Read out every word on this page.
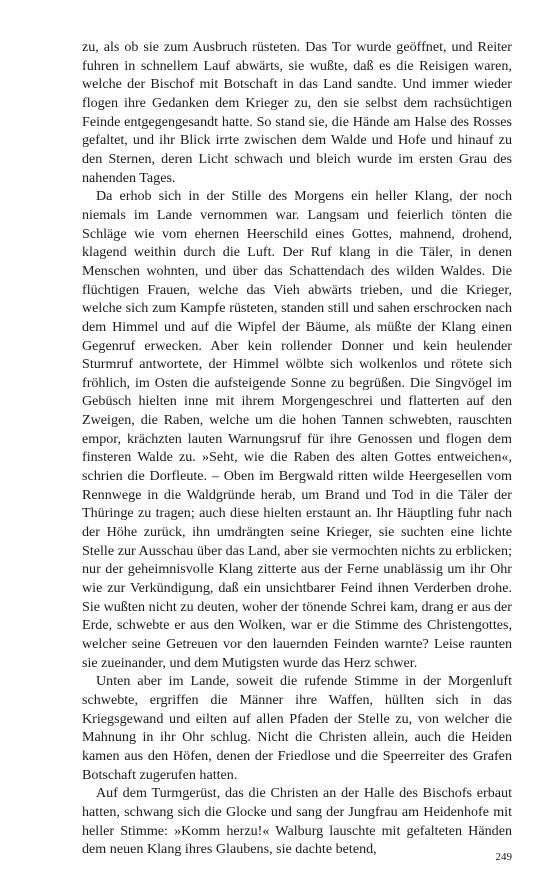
zu, als ob sie zum Ausbruch rüsteten. Das Tor wurde geöffnet, und Reiter fuhren in schnellem Lauf abwärts, sie wußte, daß es die Reisigen waren, welche der Bischof mit Botschaft in das Land sandte. Und immer wieder flogen ihre Gedanken dem Krieger zu, den sie selbst dem rachsüchtigen Feinde entgegengesandt hatte. So stand sie, die Hände am Halse des Rosses gefaltet, und ihr Blick irrte zwischen dem Walde und Hofe und hinauf zu den Sternen, deren Licht schwach und bleich wurde im ersten Grau des nahenden Tages.

Da erhob sich in der Stille des Morgens ein heller Klang, der noch niemals im Lande vernommen war. Langsam und feierlich tönten die Schläge wie vom ehernen Heerschild eines Gottes, mahnend, drohend, klagend weithin durch die Luft. Der Ruf klang in die Täler, in denen Menschen wohnten, und über das Schattendach des wilden Waldes. Die flüchtigen Frauen, welche das Vieh abwärts trieben, und die Krieger, welche sich zum Kampfe rüsteten, standen still und sahen erschrocken nach dem Himmel und auf die Wipfel der Bäume, als müßte der Klang einen Gegenruf erwecken. Aber kein rollender Donner und kein heulender Sturmruf antwortete, der Himmel wölbte sich wolkenlos und rötete sich fröhlich, im Osten die aufsteigende Sonne zu begrüßen. Die Singvögel im Gebüsch hielten inne mit ihrem Morgengeschrei und flatterten auf den Zweigen, die Raben, welche um die hohen Tannen schwebten, rauschten empor, krächzten lauten Warnungsruf für ihre Genossen und flogen dem finsteren Walde zu. »Seht, wie die Raben des alten Gottes entweichen«, schrien die Dorfleute. – Oben im Bergwald ritten wilde Heergesellen vom Rennwege in die Waldgründe herab, um Brand und Tod in die Täler der Thüringe zu tragen; auch diese hielten erstaunt an. Ihr Häuptling fuhr nach der Höhe zurück, ihn umdrängten seine Krieger, sie suchten eine lichte Stelle zur Ausschau über das Land, aber sie vermochten nichts zu erblicken; nur der geheimnisvolle Klang zitterte aus der Ferne unablässig um ihr Ohr wie zur Verkündigung, daß ein unsichtbarer Feind ihnen Verderben drohe. Sie wußten nicht zu deuten, woher der tönende Schrei kam, drang er aus der Erde, schwebte er aus den Wolken, war er die Stimme des Christengottes, welcher seine Getreuen vor den lauernden Feinden warnte? Leise raunten sie zueinander, und dem Mutigsten wurde das Herz schwer.

Unten aber im Lande, soweit die rufende Stimme in der Morgenluft schwebte, ergriffen die Männer ihre Waffen, hüllten sich in das Kriegsgewand und eilten auf allen Pfaden der Stelle zu, von welcher die Mahnung in ihr Ohr schlug. Nicht die Christen allein, auch die Heiden kamen aus den Höfen, denen der Friedlose und die Speerreiter des Grafen Botschaft zugerufen hatten.

Auf dem Turmgerüst, das die Christen an der Halle des Bischofs erbaut hatten, schwang sich die Glocke und sang der Jungfrau am Heidenhofe mit heller Stimme: »Komm herzu!« Walburg lauschte mit gefalteten Händen dem neuen Klang ihres Glaubens, sie dachte betend,	249
